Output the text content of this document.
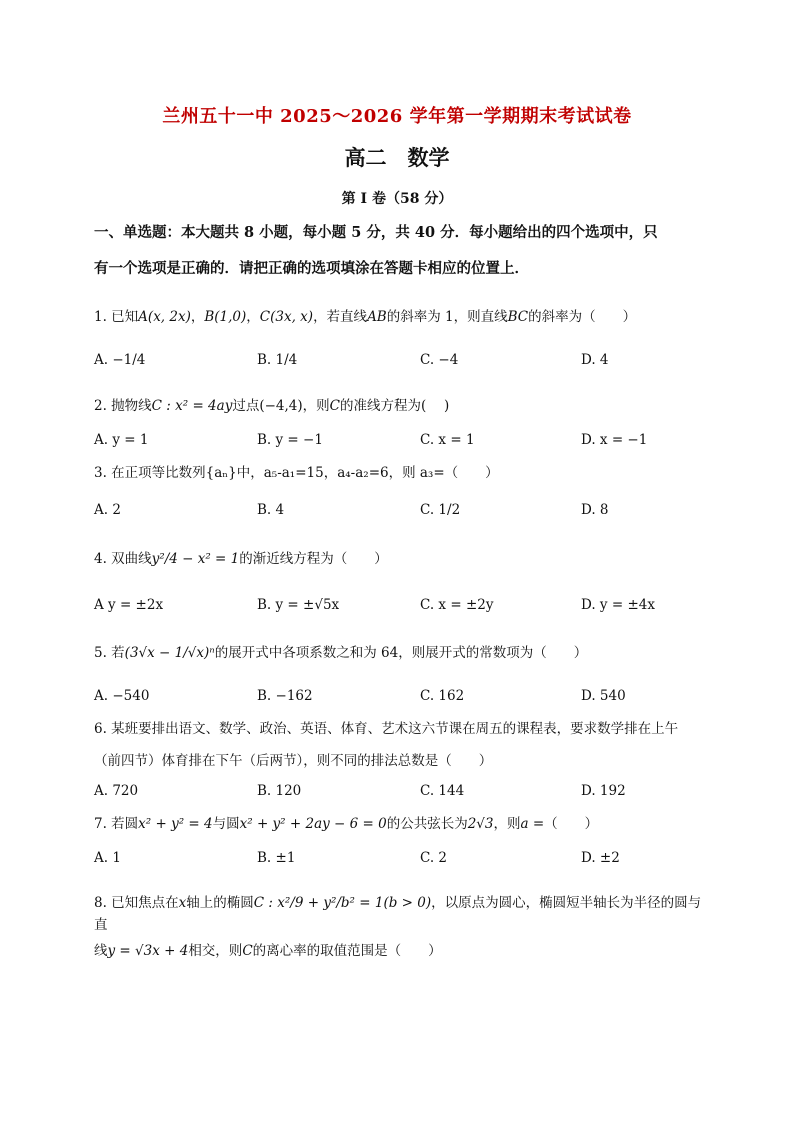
兰州五十一中 2025～2026 学年第一学期期末考试试卷
高二　数学
第 I 卷（58 分）
一、单选题：本大题共 8 小题，每小题 5 分，共 40 分．每小题给出的四个选项中，只
有一个选项是正确的．请把正确的选项填涂在答题卡相应的位置上．
1. 已知A(x, 2x)，B(1,0)，C(3x, x)，若直线AB的斜率为 1，则直线BC的斜率为（　　）
A. −1/4	B. 1/4	C. −4	D. 4
2. 抛物线C : x² = 4ay过点(−4,4)，则C的准线方程为(　 )
A. y = 1	B. y = −1	C. x = 1	D. x = −1
3. 在正项等比数列{aₙ}中，a₅-a₁=15，a₄-a₂=6，则 a₃=（　　）
A. 2	B. 4	C. 1/2	D. 8
4. 双曲线y²/4 − x² = 1的渐近线方程为（　　）
A y = ±2x	B. y = ±√5x	C. x = ±2y	D. y = ±4x
5. 若(3√x − 1/√x)ⁿ的展开式中各项系数之和为 64，则展开式的常数项为（　　）
A. −540	B. −162	C. 162	D. 540
6. 某班要排出语文、数学、政治、英语、体育、艺术这六节课在周五的课程表，要求数学排在上午
（前四节）体育排在下午（后两节），则不同的排法总数是（　　）
A. 720	B. 120	C. 144	D. 192
7. 若圆x² + y² = 4与圆x² + y² + 2ay − 6 = 0的公共弦长为2√3，则a =（　　）
A. 1	B. ±1	C. 2	D. ±2
8. 已知焦点在x轴上的椭圆C : x²/9 + y²/b² = 1(b > 0)，以原点为圆心，椭圆短半轴长为半径的圆与直
线y = √3x + 4相交，则C的离心率的取值范围是（　　）
